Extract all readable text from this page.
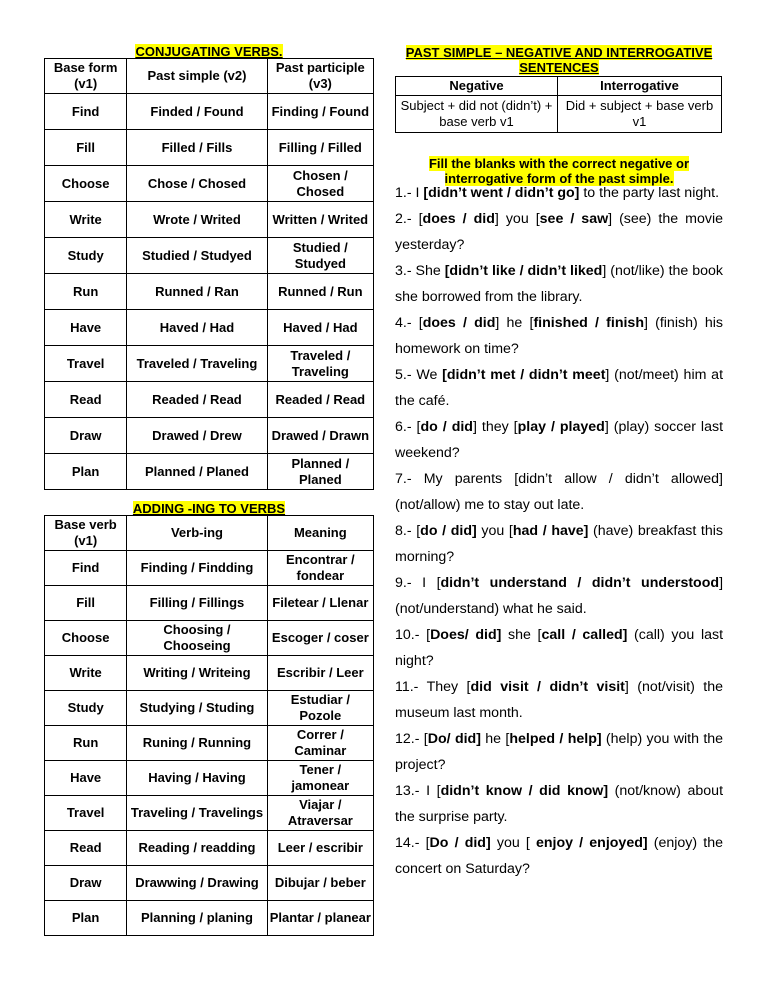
CONJUGATING VERBS.
Base form (v1)	Past simple (v2)	Past participle (v3)
Find	Finded / Found	Finding / Found
Fill	Filled / Fills	Filling / Filled
Choose	Chose / Chosed	Chosen / Chosed
Write	Wrote / Writed	Written / Writed
Study	Studied / Studyed	Studied / Studyed
Run	Runned / Ran	Runned / Run
Have	Haved / Had	Haved / Had
Travel	Traveled / Traveling	Traveled / Traveling
Read	Readed / Read	Readed / Read
Draw	Drawed / Drew	Drawed / Drawn
Plan	Planned / Planed	Planned / Planed
ADDING -ING TO VERBS
Base verb (v1)	Verb-ing	Meaning
Find	Finding / Findding	Encontrar / fondear
Fill	Filling / Fillings	Filetear / Llenar
Choose	Choosing / Chooseing	Escoger / coser
Write	Writing / Writeing	Escribir / Leer
Study	Studying / Studing	Estudiar / Pozole
Run	Runing / Running	Correr / Caminar
Have	Having / Having	Tener / jamonear
Travel	Traveling / Travelings	Viajar / Atraversar
Read	Reading / readding	Leer / escribir
Draw	Drawwing / Drawing	Dibujar / beber
Plan	Planning / planing	Plantar / planear
PAST SIMPLE – NEGATIVE AND INTERROGATIVE SENTENCES
Negative	Interrogative
Subject + did not (didn’t) + base verb v1	Did + subject + base verb v1
Fill the blanks with the correct negative or interrogative form of the past simple.
1.- I [didn’t went / didn’t go] to the party last night.
2.- [does / did] you [see / saw] (see) the movie yesterday?
3.- She [didn’t like / didn’t liked] (not/like) the book she borrowed from the library.
4.- [does / did] he [finished / finish] (finish) his homework on time?
5.- We [didn’t met / didn’t meet] (not/meet) him at the café.
6.- [do / did] they [play / played] (play) soccer last weekend?
7.- My parents [didn’t allow / didn’t allowed] (not/allow) me to stay out late.
8.- [do / did] you [had / have] (have) breakfast this morning?
9.- I [didn’t understand / didn’t understood] (not/understand) what he said.
10.- [Does/ did] she [call / called] (call) you last night?
11.- They [did visit / didn’t visit] (not/visit) the museum last month.
12.- [Do/ did] he [helped / help] (help) you with the project?
13.- I [didn’t know / did know] (not/know) about the surprise party.
14.- [Do / did] you [ enjoy / enjoyed] (enjoy) the concert on Saturday?
